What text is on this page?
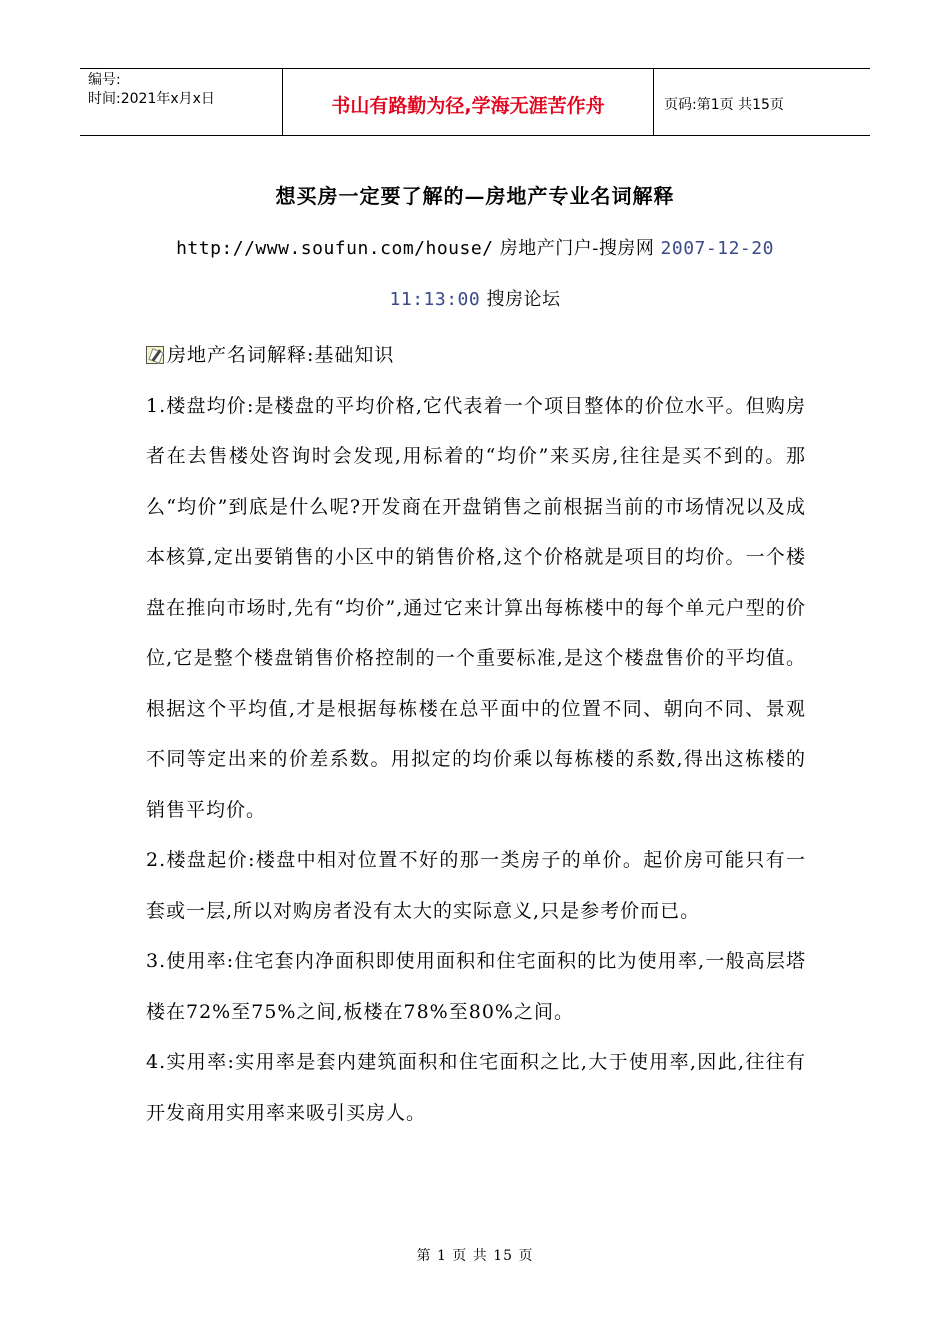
编号:
时间:2021年x月x日	书山有路勤为径,学海无涯苦作舟	页码:第1页 共15页
想买房一定要了解的—房地产专业名词解释
http://www.soufun.com/house/ 房地产门户-搜房网 2007-12-20
11:13:00 搜房论坛

房地产名词解释:基础知识

1.楼盘均价:是楼盘的平均价格,它代表着一个项目整体的价位水平。但购房者在去售楼处咨询时会发现,用标着的“均价”来买房,往往是买不到的。那么“均价”到底是什么呢?开发商在开盘销售之前根据当前的市场情况以及成本核算,定出要销售的小区中的销售价格,这个价格就是项目的均价。一个楼盘在推向市场时,先有“均价”,通过它来计算出每栋楼中的每个单元户型的价位,它是整个楼盘销售价格控制的一个重要标准,是这个楼盘售价的平均值。根据这个平均值,才是根据每栋楼在总平面中的位置不同、朝向不同、景观不同等定出来的价差系数。用拟定的均价乘以每栋楼的系数,得出这栋楼的销售平均价。

2.楼盘起价:楼盘中相对位置不好的那一类房子的单价。起价房可能只有一套或一层,所以对购房者没有太大的实际意义,只是参考价而已。

3.使用率:住宅套内净面积即使用面积和住宅面积的比为使用率,一般高层塔楼在72%至75%之间,板楼在78%至80%之间。

4.实用率:实用率是套内建筑面积和住宅面积之比,大于使用率,因此,往往有开发商用实用率来吸引买房人。

第 1 页 共 15 页
